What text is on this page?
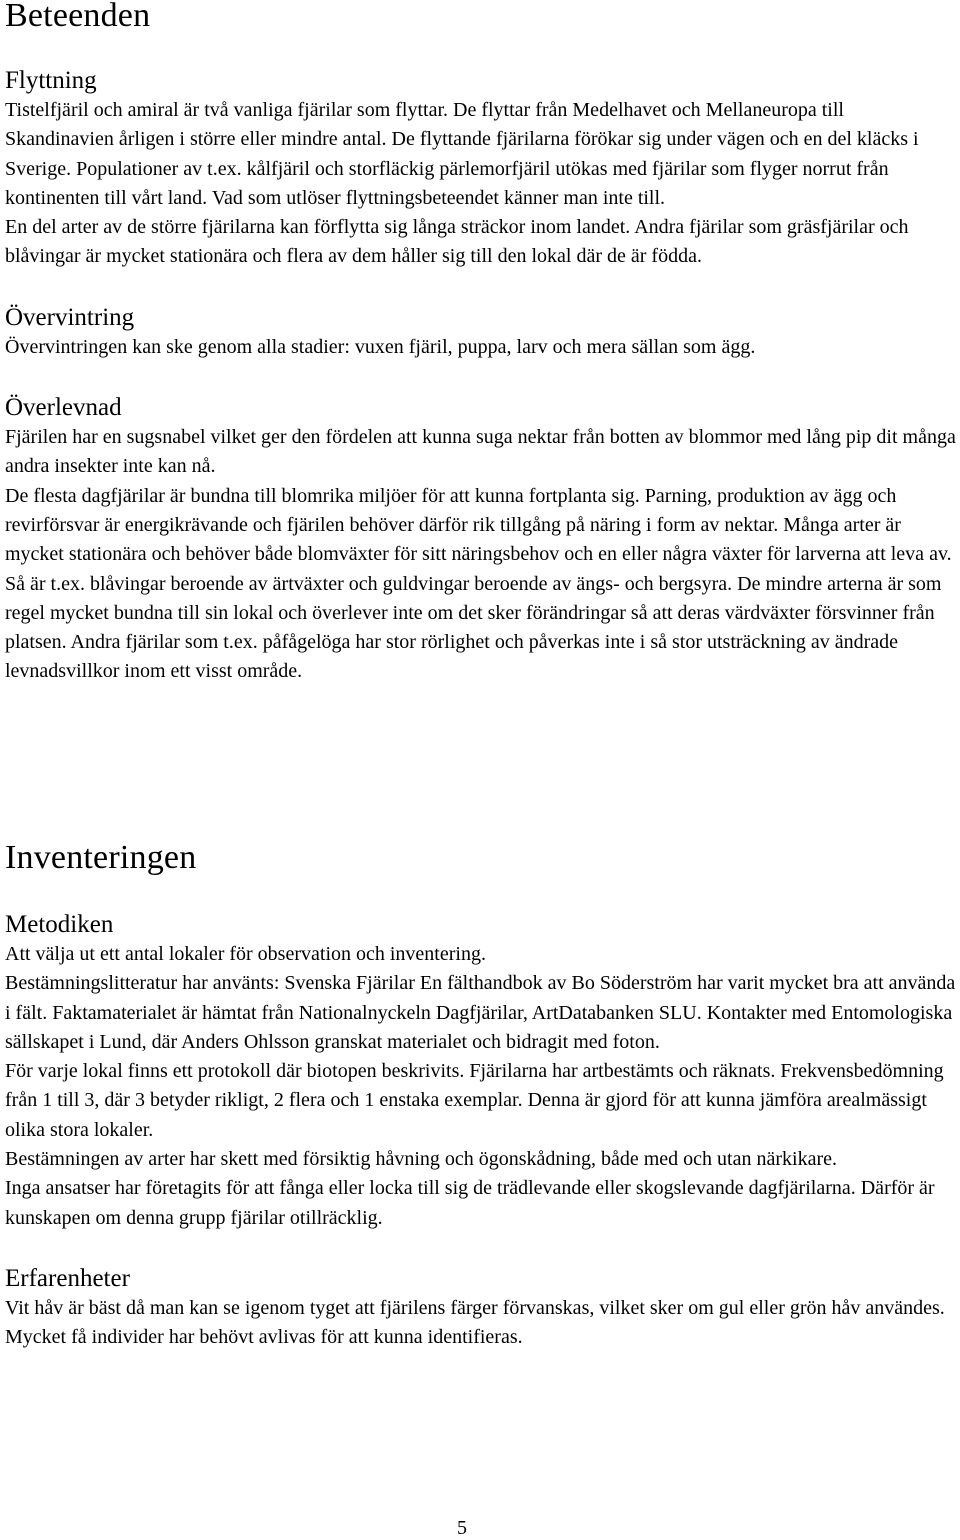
Beteenden
Flyttning

Tistelfjäril och amiral är två vanliga fjärilar som flyttar. De flyttar från Medelhavet och Mellaneuropa till Skandinavien årligen i större eller mindre antal. De flyttande fjärilarna förökar sig under vägen och en del kläcks i Sverige. Populationer av t.ex. kålfjäril och storfläckig pärlemorfjäril utökas med fjärilar som flyger norrut från kontinenten till vårt land. Vad som utlöser flyttningsbeteendet känner man inte till.

En del arter av de större fjärilarna kan förflytta sig långa sträckor inom landet. Andra fjärilar som gräsfjärilar och blåvingar är mycket stationära och flera av dem håller sig till den lokal där de är födda.

Övervintring

Övervintringen kan ske genom alla stadier: vuxen fjäril, puppa, larv och mera sällan som ägg.

Överlevnad

Fjärilen har en sugsnabel vilket ger den fördelen att kunna suga nektar från botten av blommor med lång pip dit många andra insekter inte kan nå.

De flesta dagfjärilar är bundna till blomrika miljöer för att kunna fortplanta sig. Parning, produktion av ägg och revirförsvar är energikrävande och fjärilen behöver därför rik tillgång på näring i form av nektar. Många arter är mycket stationära och behöver både blomväxter för sitt näringsbehov och en eller några växter för larverna att leva av. Så är t.ex. blåvingar beroende av ärtväxter och guldvingar beroende av ängs- och bergsyra. De mindre arterna är som regel mycket bundna till sin lokal och överlever inte om det sker förändringar så att deras värdväxter försvinner från platsen. Andra fjärilar som t.ex. påfågelöga har stor rörlighet och påverkas inte i så stor utsträckning av ändrade levnadsvillkor inom ett visst område.

Inventeringen
Metodiken

Att välja ut ett antal lokaler för observation och inventering.

Bestämningslitteratur har använts: Svenska Fjärilar En fälthandbok av Bo Söderström har varit mycket bra att använda i fält. Faktamaterialet är hämtat från Nationalnyckeln Dagfjärilar, ArtDatabanken SLU. Kontakter med Entomologiska sällskapet i Lund, där Anders Ohlsson granskat materialet och bidragit med foton.

För varje lokal finns ett protokoll där biotopen beskrivits. Fjärilarna har artbestämts och räknats. Frekvensbedömning från 1 till 3, där 3 betyder rikligt, 2 flera och 1 enstaka exemplar. Denna är gjord för att kunna jämföra arealmässigt olika stora lokaler.

Bestämningen av arter har skett med försiktig håvning och ögonskådning, både med och utan närkikare.

Inga ansatser har företagits för att fånga eller locka till sig de trädlevande eller skogslevande dagfjärilarna. Därför är kunskapen om denna grupp fjärilar otillräcklig.

Erfarenheter

Vit håv är bäst då man kan se igenom tyget att fjärilens färger förvanskas, vilket sker om gul eller grön håv användes. Mycket få individer har behövt avlivas för att kunna identifieras.

5
